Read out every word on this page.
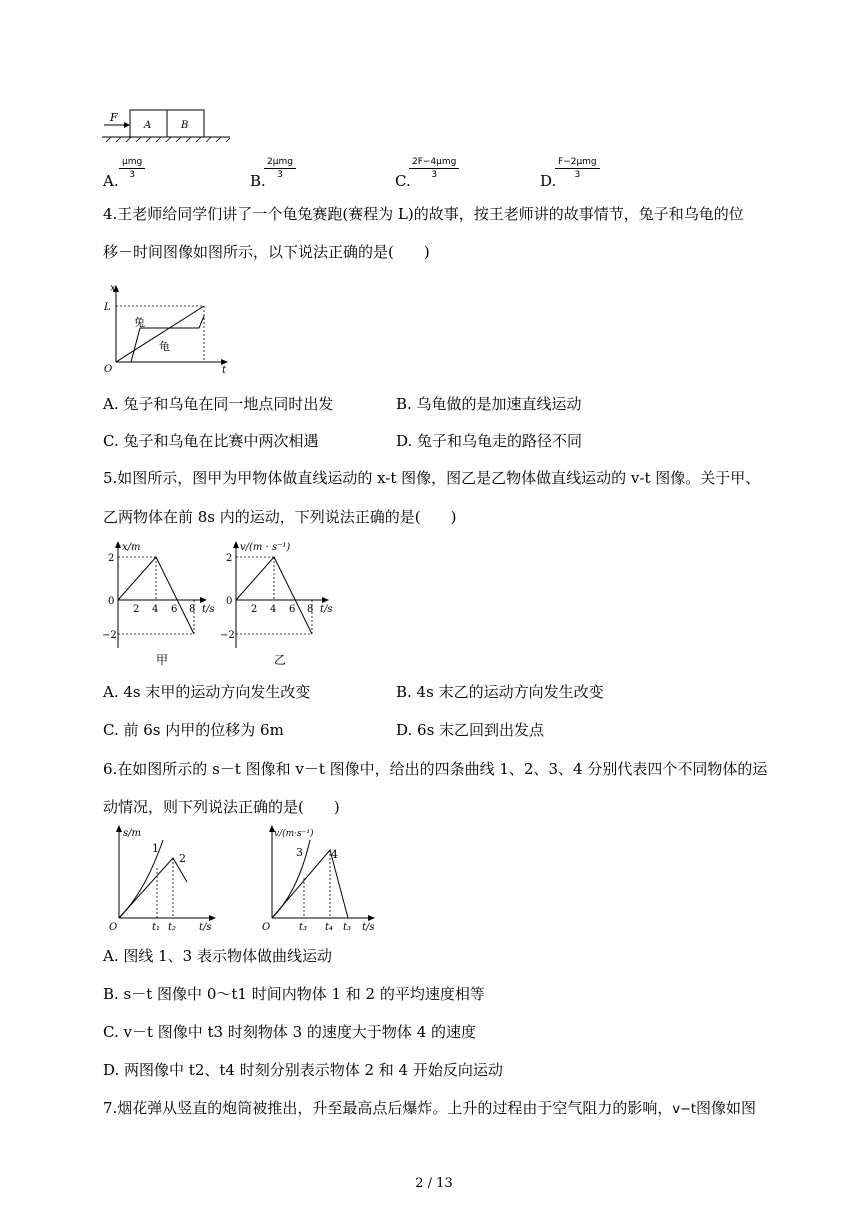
F
A	B
A.
μmg
3	B.
2μmg
3	C.
2F−4μmg
3	D.
F−2μmg
3
4.王老师给同学们讲了一个龟兔赛跑(赛程为 L)的故事，按王老师讲的故事情节，兔子和乌龟的位
移－时间图像如图所示，以下说法正确的是(　　)
x
t
O
L
兔
龟
A. 兔子和乌龟在同一地点同时出发	B. 乌龟做的是加速直线运动
C. 兔子和乌龟在比赛中两次相遇	D. 兔子和乌龟走的路径不同
5.如图所示，图甲为甲物体做直线运动的 x-t 图像，图乙是乙物体做直线运动的 v-t 图像。关于甲、
乙两物体在前 8s 内的运动，下列说法正确的是(　　)
x/m
t/s
2
0
−2
2 4 6 8
甲
v/(m · s⁻¹)
t/s
2
0
−2
2 4 6 8
乙
A. 4s 末甲的运动方向发生改变	B. 4s 末乙的运动方向发生改变
C. 前 6s 内甲的位移为 6m	D. 6s 末乙回到出发点
6.在如图所示的 s－t 图像和 v－t 图像中，给出的四条曲线 1、2、3、4 分别代表四个不同物体的运
动情况，则下列说法正确的是(　　)
s/m
t/s
O
1
2
t₁ t₂
v/(m·s⁻¹)
t/s
O
3	4
t₃ t₄ t₃
A. 图线 1、3 表示物体做曲线运动
B. s－t 图像中 0～t1 时间内物体 1 和 2 的平均速度相等
C. v－t 图像中 t3 时刻物体 3 的速度大于物体 4 的速度
D. 两图像中 t2、t4 时刻分别表示物体 2 和 4 开始反向运动
7.烟花弹从竖直的炮筒被推出，升至最高点后爆炸。上升的过程由于空气阻力的影响，v−t图像如图
2 / 13
